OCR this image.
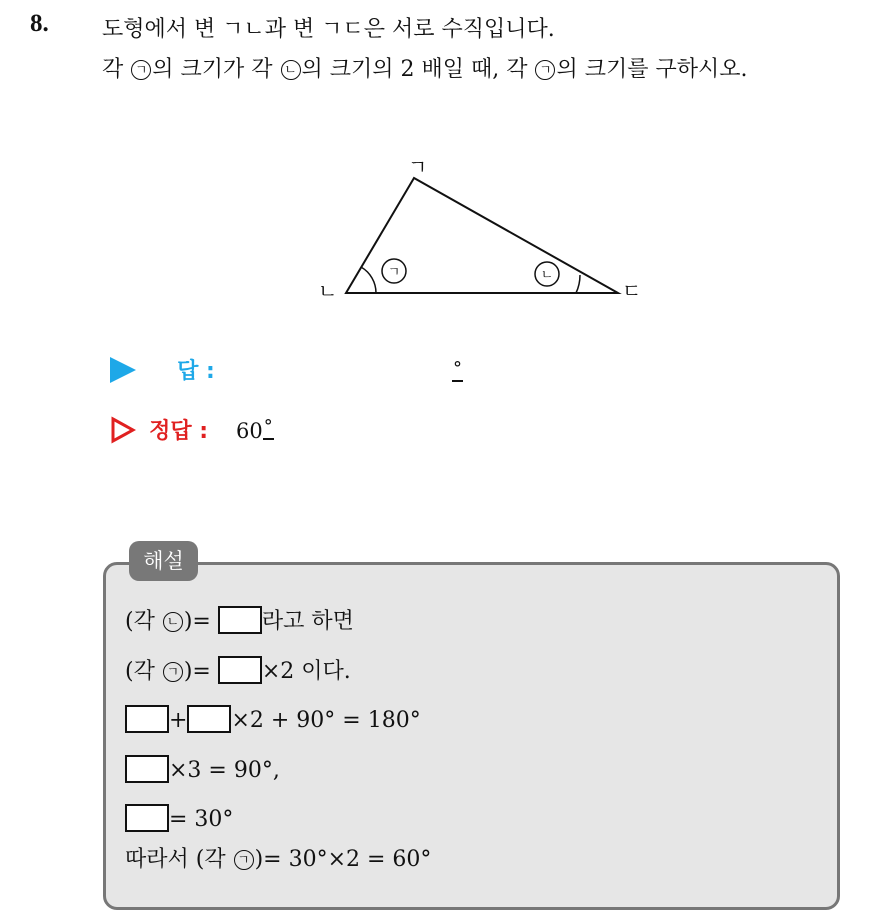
8. 도형에서 변 ㄱㄴ과 변 ㄱㄷ은 서로 수직입니다.
각 ㄱ 의 크기가 각 ㄴ 의 크기의 2 배일 때, 각 ㄱ 의 크기를 구하시오.
ㄱ	ㄴ
ㄱ
ㄴ	ㄷ
답 :	°
정답 : 60°
해설
(각 ㄴ )= 라고 하면
(각 ㄱ )= ×2 이다.
+ ×2 + 90° = 180°
×3 = 90°,
= 30°
따라서 (각 ㄱ )= 30°×2 = 60°
